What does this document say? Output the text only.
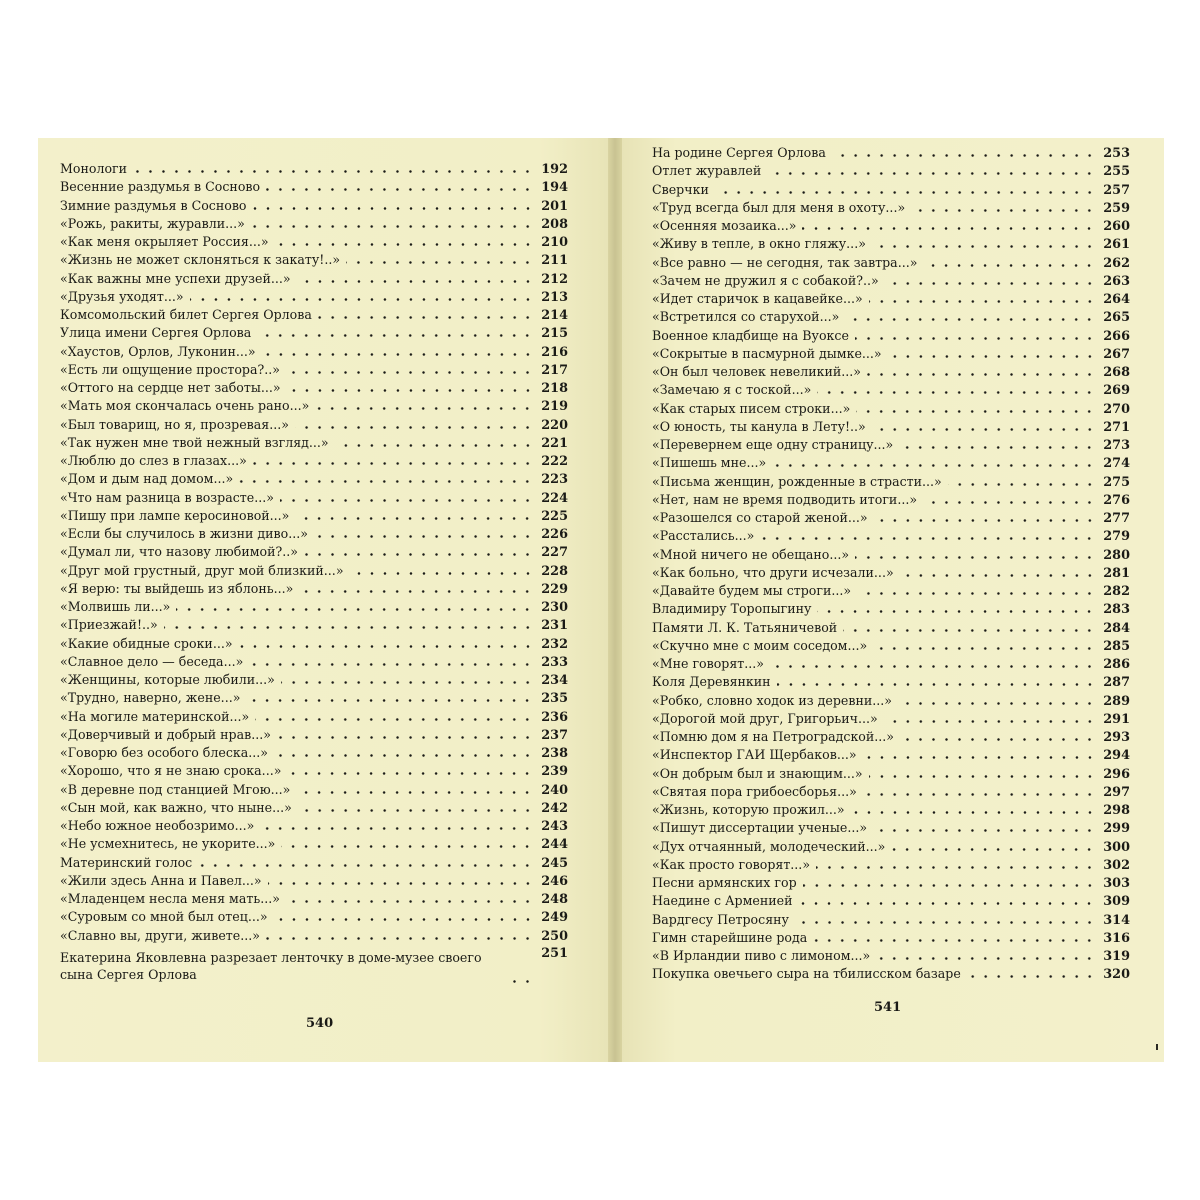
Монологи	192
Весенние раздумья в Сосново	194
Зимние раздумья в Сосново	201
«Рожь, ракиты, журавли...»	208
«Как меня окрыляет Россия...»	210
«Жизнь не может склоняться к закату!..»	211
«Как важны мне успехи друзей...»	212
«Друзья уходят...»	213
Комсомольский билет Сергея Орлова	214
Улица имени Сергея Орлова	215
«Хаустов, Орлов, Луконин...»	216
«Есть ли ощущение простора?..»	217
«Оттого на сердце нет заботы...»	218
«Мать моя скончалась очень рано...»	219
«Был товарищ, но я, прозревая...»	220
«Так нужен мне твой нежный взгляд...»	221
«Люблю до слез в глазах...»	222
«Дом и дым над домом...»	223
«Что нам разница в возрасте...»	224
«Пишу при лампе керосиновой...»	225
«Если бы случилось в жизни диво...»	226
«Думал ли, что назову любимой?..»	227
«Друг мой грустный, друг мой близкий...»	228
«Я верю: ты выйдешь из яблонь...»	229
«Молвишь ли...»	230
«Приезжай!..»	231
«Какие обидные сроки...»	232
«Славное дело — беседа...»	233
«Женщины, которые любили...»	234
«Трудно, наверно, жене...»	235
«На могиле материнской...»	236
«Доверчивый и добрый нрав...»	237
«Говорю без особого блеска...»	238
«Хорошо, что я не знаю срока...»	239
«В деревне под станцией Мгою...»	240
«Сын мой, как важно, что ныне...»	242
«Небо южное необозримо...»	243
«Не усмехнитесь, не укорите...»	244
Материнский голос	245
«Жили здесь Анна и Павел...»	246
«Младенцем несла меня мать...»	248
«Суровым со мной был отец...»	249
«Славно вы, други, живете...»	250
Екатерина Яковлевна разрезает ленточку в доме-музее своего сына Сергея Орлова
251
540
На родине Сергея Орлова	253
Отлет журавлей	255
Сверчки	257
«Труд всегда был для меня в охоту...»	259
«Осенняя мозаика...»	260
«Живу в тепле, в окно гляжу...»	261
«Все равно — не сегодня, так завтра...»	262
«Зачем не дружил я с собакой?..»	263
«Идет старичок в кацавейке...»	264
«Встретился со старухой...»	265
Военное кладбище на Вуоксе	266
«Сокрытые в пасмурной дымке...»	267
«Он был человек невеликий...»	268
«Замечаю я с тоской...»	269
«Как старых писем строки...»	270
«О юность, ты канула в Лету!..»	271
«Перевернем еще одну страницу...»	273
«Пишешь мне...»	274
«Письма женщин, рожденные в страсти...»	275
«Нет, нам не время подводить итоги...»	276
«Разошелся со старой женой...»	277
«Расстались...»	279
«Мной ничего не обещано...»	280
«Как больно, что други исчезали...»	281
«Давайте будем мы строги...»	282
Владимиру Торопыгину	283
Памяти Л. К. Татьяничевой	284
«Скучно мне с моим соседом...»	285
«Мне говорят...»	286
Коля Деревянкин	287
«Робко, словно ходок из деревни...»	289
«Дорогой мой друг, Григорьич...»	291
«Помню дом я на Петроградской...»	293
«Инспектор ГАИ Щербаков...»	294
«Он добрым был и знающим...»	296
«Святая пора грибоесборья...»	297
«Жизнь, которую прожил...»	298
«Пишут диссертации ученые...»	299
«Дух отчаянный, молодеческий...»	300
«Как просто говорят...»	302
Песни армянских гор	303
Наедине с Арменией	309
Вардгесу Петросяну	314
Гимн старейшине рода	316
«В Ирландии пиво с лимоном...»	319
Покупка овечьего сыра на тбилисском базаре	320
541
